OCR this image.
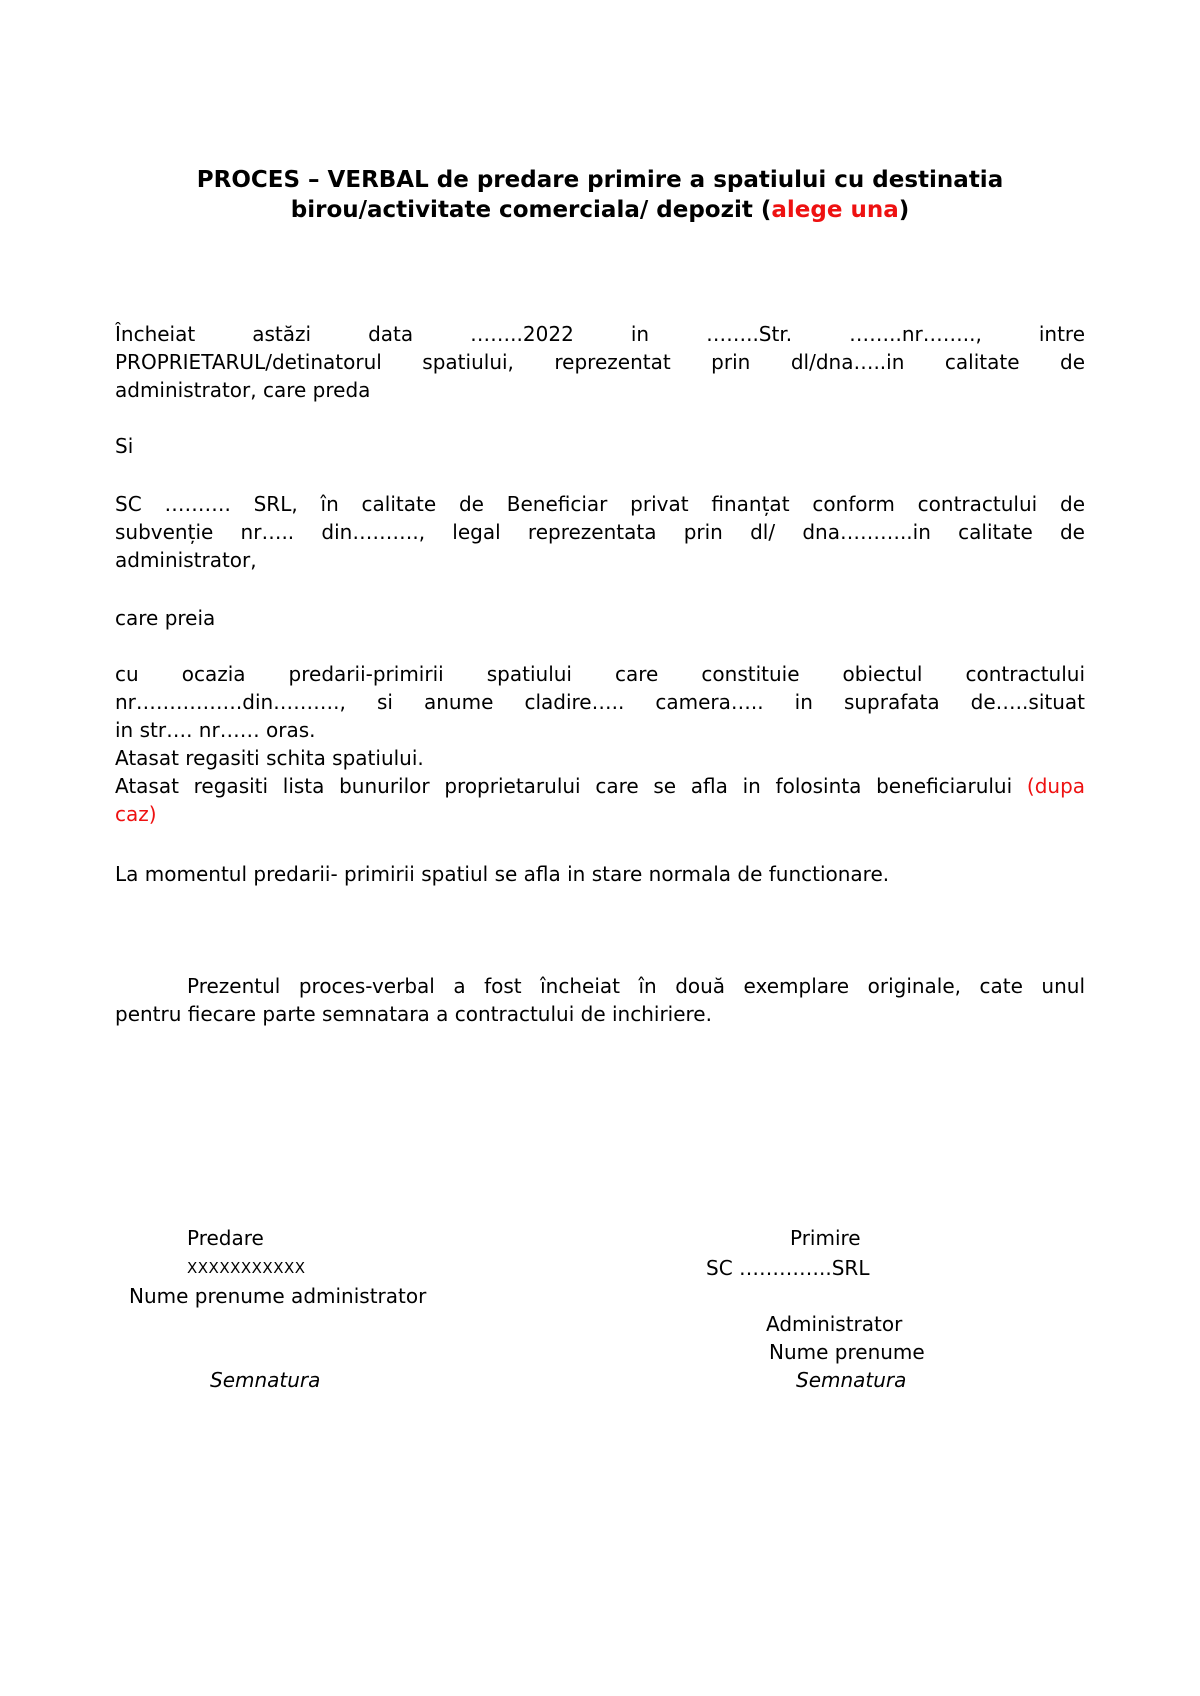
PROCES – VERBAL de predare primire a spatiului cu destinatia
birou/activitate comerciala/ depozit (alege una)
Încheiat astăzi data ……..2022 in ……..Str. ……..nr…….., intre
PROPRIETARUL/detinatorul spatiului, reprezentat prin dl/dna…..in calitate de
administrator, care preda
Si
SC ………. SRL, în calitate de Beneficiar privat finanțat conform contractului de
subvenție nr….. din………., legal reprezentata prin dl/ dna………..in calitate de
administrator,
care preia
cu ocazia predarii-primirii spatiului care constituie obiectul contractului
nr…………….din………., si anume cladire….. camera….. in suprafata de…..situat
in str…. nr…… oras.
Atasat regasiti schita spatiului.
Atasat regasiti lista bunurilor proprietarului care se afla in folosinta beneficiarului (dupa
caz)
La momentul predarii- primirii spatiul se afla in stare normala de functionare.
Prezentul proces-verbal a fost încheiat în două exemplare originale, cate unul
pentru fiecare parte semnatara a contractului de inchiriere.
Predare
XXXXXXXXXXX
Nume prenume administrator
Semnatura
Primire
SC …………..SRL
Administrator
Nume prenume
Semnatura
